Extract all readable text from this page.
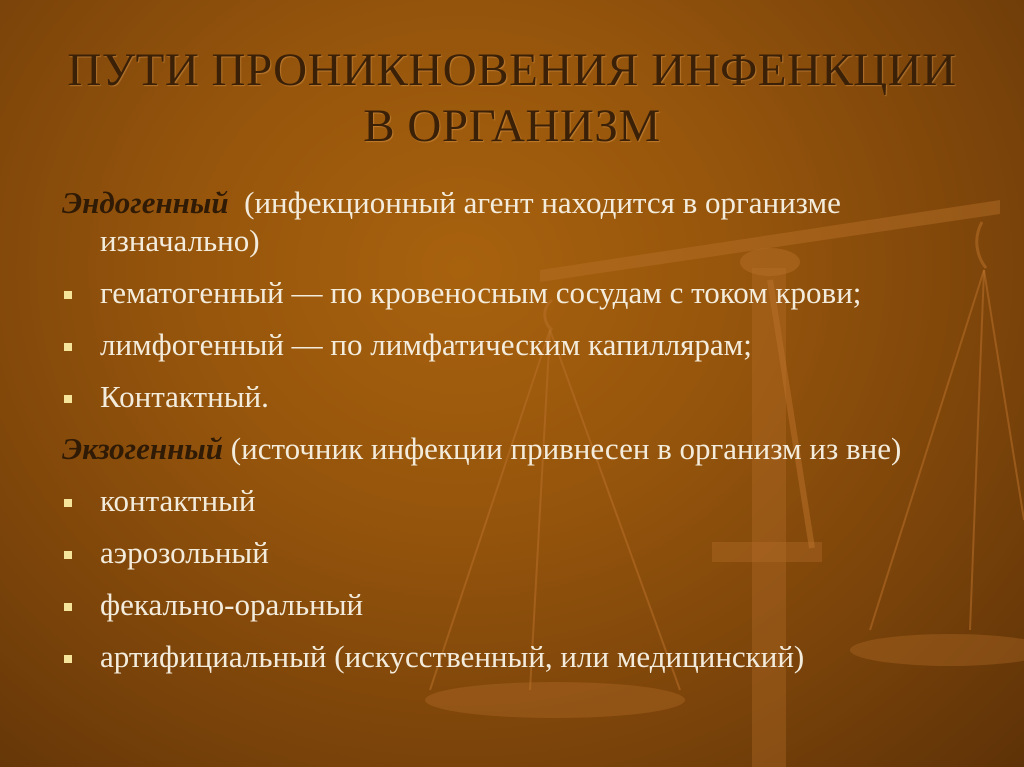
ПУТИ ПРОНИКНОВЕНИЯ ИНФЕНКЦИИ
В ОРГАНИЗМ

Эндогенный (инфекционный агент находится в организме изначально)

гематогенный — по кровеносным сосудам с током крови;

лимфогенный — по лимфатическим капиллярам;

Контактный.

Экзогенный (источник инфекции привнесен в организм из вне)

контактный

аэрозольный

фекально-оральный

артифициальный (искусственный, или медицинский)
